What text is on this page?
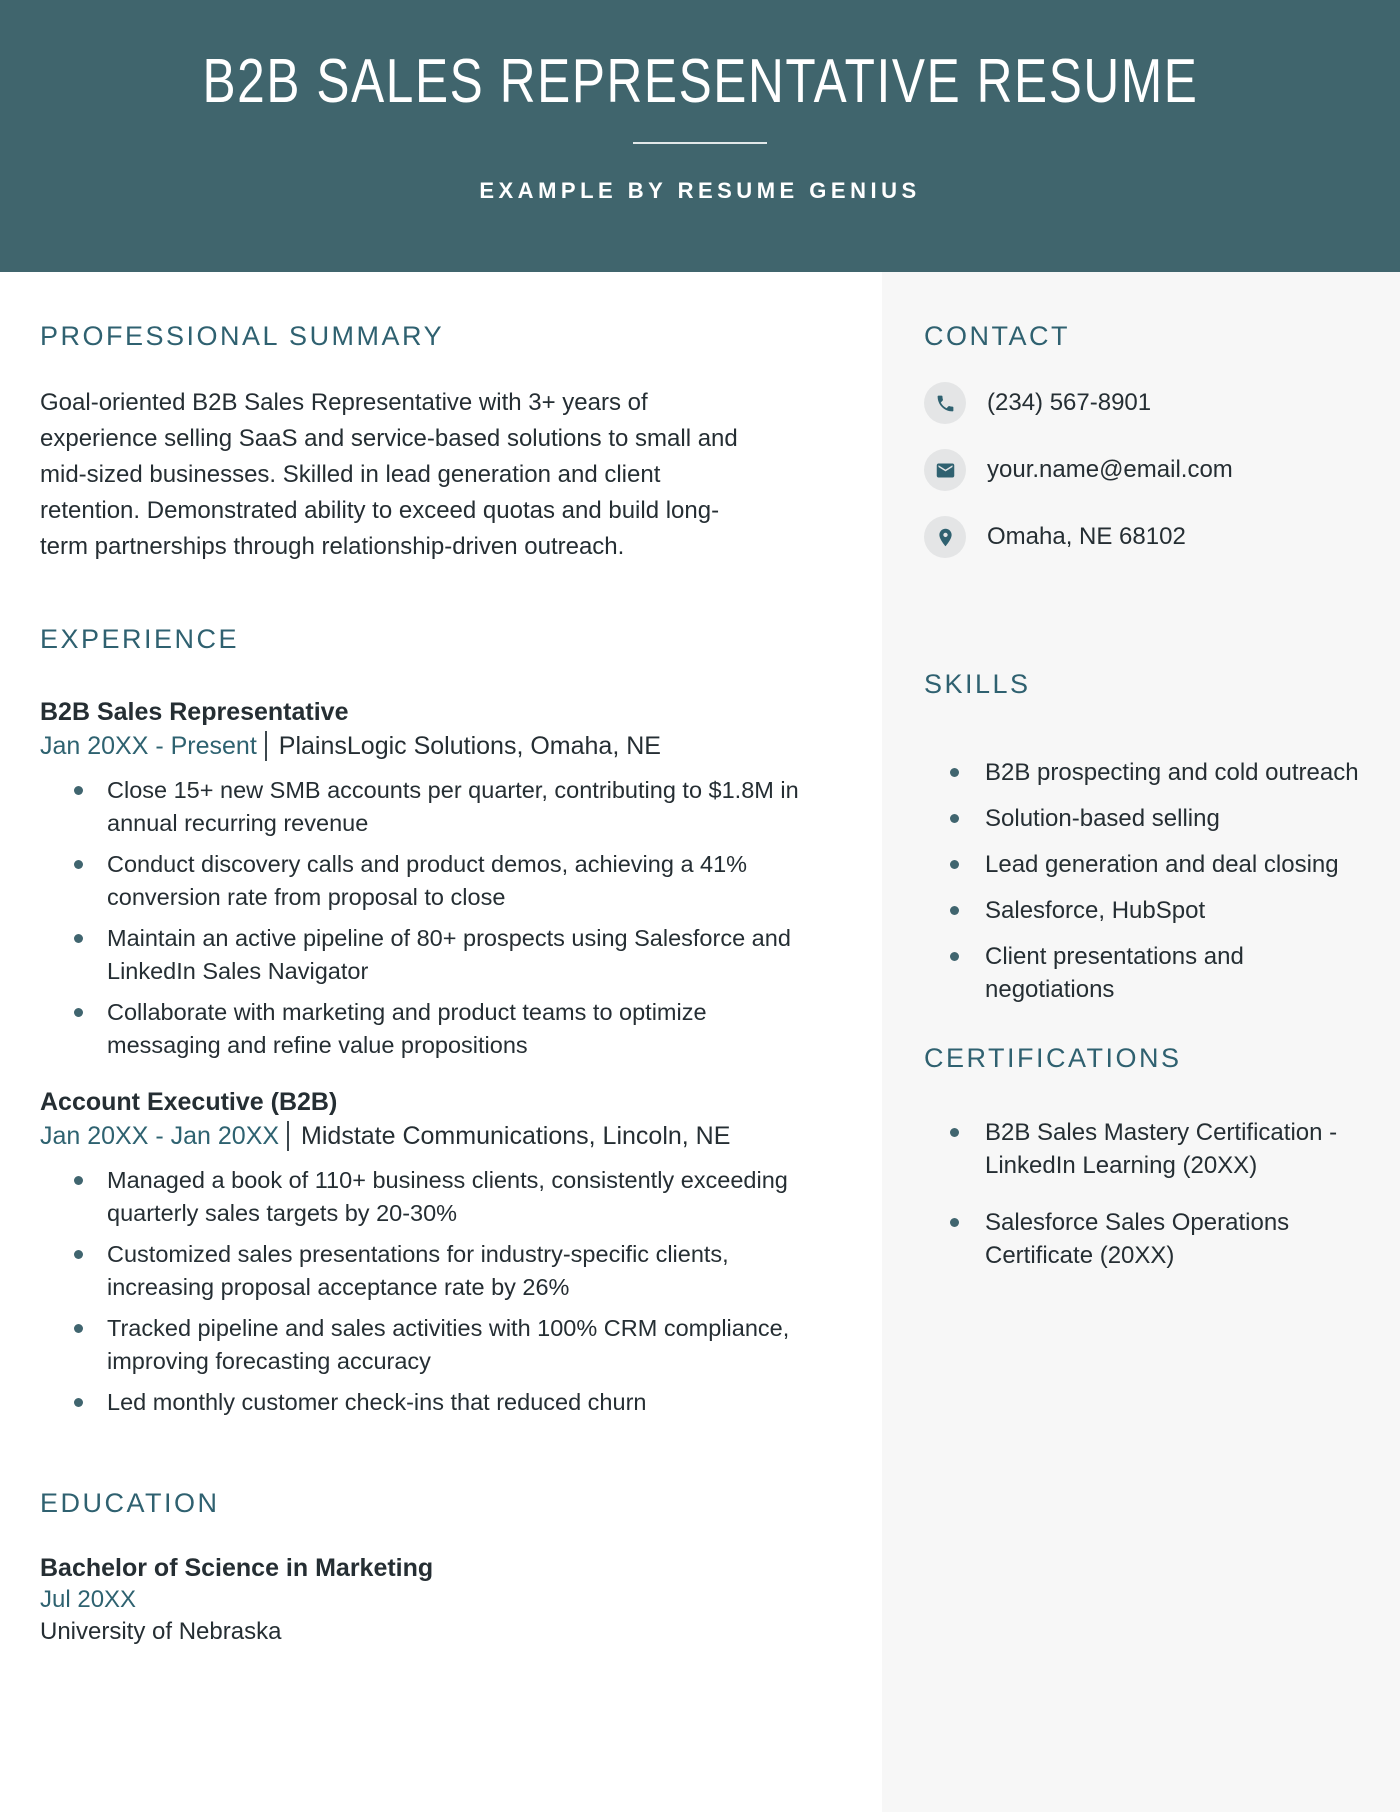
B2B SALES REPRESENTATIVE RESUME
EXAMPLE BY RESUME GENIUS
PROFESSIONAL SUMMARY

Goal-oriented B2B Sales Representative with 3+ years of experience selling SaaS and service-based solutions to small and mid-sized businesses. Skilled in lead generation and client retention. Demonstrated ability to exceed quotas and build long-term partnerships through relationship-driven outreach.

EXPERIENCE
B2B Sales Representative
Jan 20XX - Present PlainsLogic Solutions, Omaha, NE
Close 15+ new SMB accounts per quarter, contributing to $1.8M in annual recurring revenue
Conduct discovery calls and product demos, achieving a 41% conversion rate from proposal to close
Maintain an active pipeline of 80+ prospects using Salesforce and LinkedIn Sales Navigator
Collaborate with marketing and product teams to optimize messaging and refine value propositions
Account Executive (B2B)
Jan 20XX - Jan 20XX Midstate Communications, Lincoln, NE
Managed a book of 110+ business clients, consistently exceeding quarterly sales targets by 20-30%
Customized sales presentations for industry-specific clients, increasing proposal acceptance rate by 26%
Tracked pipeline and sales activities with 100% CRM compliance, improving forecasting accuracy
Led monthly customer check-ins that reduced churn
EDUCATION
Bachelor of Science in Marketing
Jul 20XX
University of Nebraska
CONTACT
(234) 567-8901
your.name@email.com
Omaha, NE 68102
SKILLS
B2B prospecting and cold outreach
Solution-based selling
Lead generation and deal closing
Salesforce, HubSpot
Client presentations and negotiations
CERTIFICATIONS
B2B Sales Mastery Certification - LinkedIn Learning (20XX)
Salesforce Sales Operations Certificate (20XX)
